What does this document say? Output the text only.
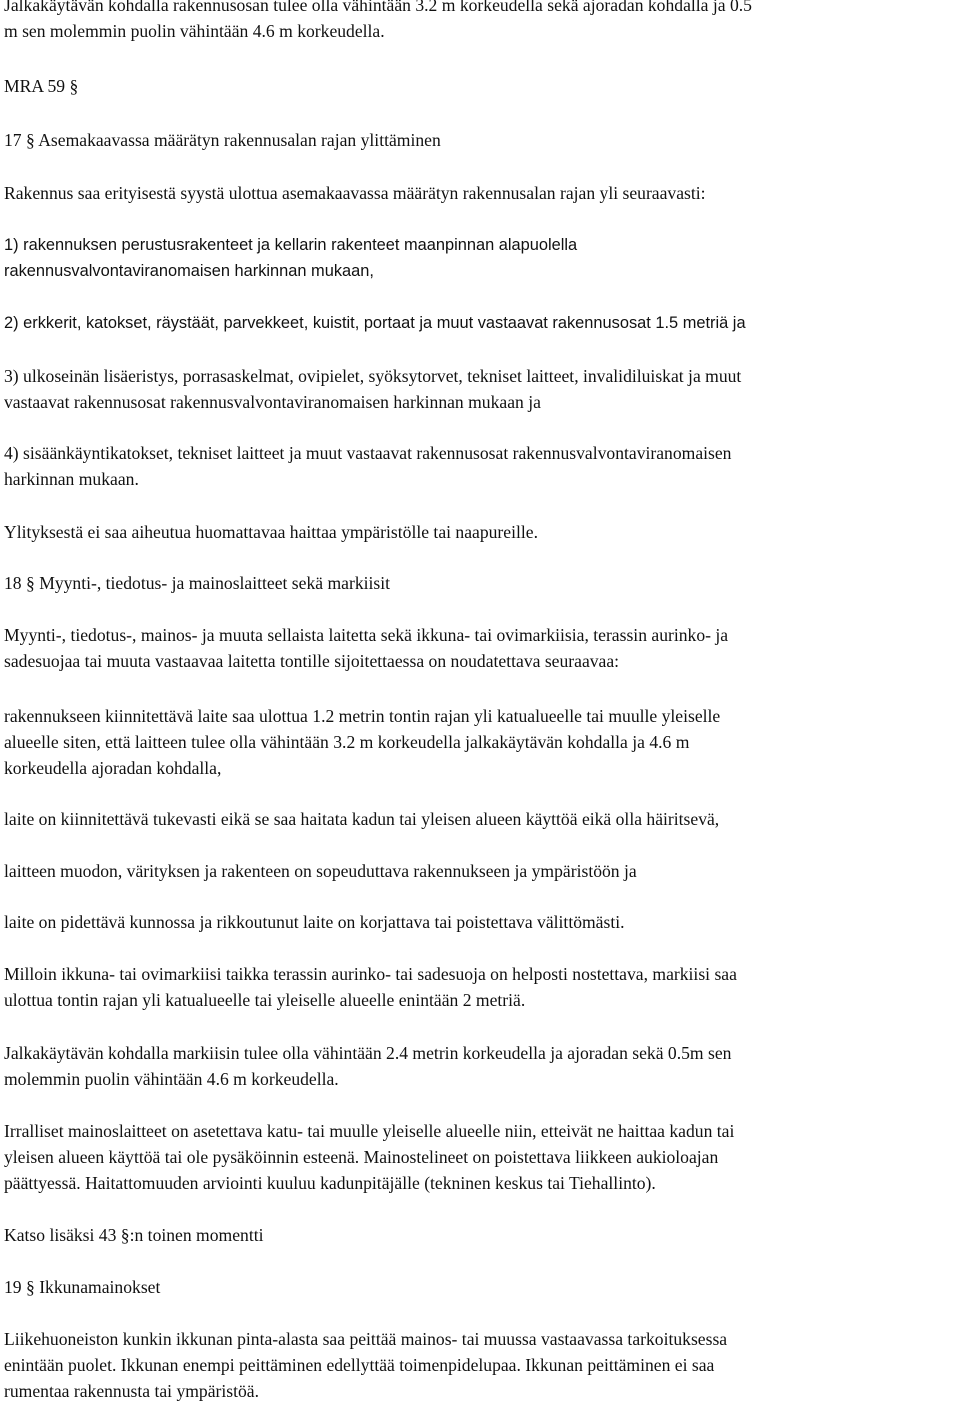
Jalkakäytävän kohdalla rakennusosan tulee olla vähintään 3.2 m korkeudella sekä ajoradan kohdalla ja 0.5
m sen molemmin puolin vähintään 4.6 m korkeudella.

MRA 59 §

17 § Asemakaavassa määrätyn rakennusalan rajan ylittäminen

Rakennus saa erityisestä syystä ulottua asemakaavassa määrätyn rakennusalan rajan yli seuraavasti:

1) rakennuksen perustusrakenteet ja kellarin rakenteet maanpinnan alapuolella
rakennusvalvontaviranomaisen harkinnan mukaan,

2) erkkerit, katokset, räystäät, parvekkeet, kuistit, portaat ja muut vastaavat rakennusosat 1.5 metriä ja

3) ulkoseinän lisäeristys, porrasaskelmat, ovipielet, syöksytorvet, tekniset laitteet, invalidiluiskat ja muut
vastaavat rakennusosat rakennusvalvontaviranomaisen harkinnan mukaan ja

4) sisäänkäyntikatokset, tekniset laitteet ja muut vastaavat rakennusosat rakennusvalvontaviranomaisen
harkinnan mukaan.

Ylityksestä ei saa aiheutua huomattavaa haittaa ympäristölle tai naapureille.

18 § Myynti-, tiedotus- ja mainoslaitteet sekä markiisit

Myynti-, tiedotus-, mainos- ja muuta sellaista laitetta sekä ikkuna- tai ovimarkiisia, terassin aurinko- ja
sadesuojaa tai muuta vastaavaa laitetta tontille sijoitettaessa on noudatettava seuraavaa:

rakennukseen kiinnitettävä laite saa ulottua 1.2 metrin tontin rajan yli katualueelle tai muulle yleiselle
alueelle siten, että laitteen tulee olla vähintään 3.2 m korkeudella jalkakäytävän kohdalla ja 4.6 m
korkeudella ajoradan kohdalla,

laite on kiinnitettävä tukevasti eikä se saa haitata kadun tai yleisen alueen käyttöä eikä olla häiritsevä,

laitteen muodon, värityksen ja rakenteen on sopeuduttava rakennukseen ja ympäristöön ja

laite on pidettävä kunnossa ja rikkoutunut laite on korjattava tai poistettava välittömästi.

Milloin ikkuna- tai ovimarkiisi taikka terassin aurinko- tai sadesuoja on helposti nostettava, markiisi saa
ulottua tontin rajan yli katualueelle tai yleiselle alueelle enintään 2 metriä.

Jalkakäytävän kohdalla markiisin tulee olla vähintään 2.4 metrin korkeudella ja ajoradan sekä 0.5m sen
molemmin puolin vähintään 4.6 m korkeudella.

Irralliset mainoslaitteet on asetettava katu- tai muulle yleiselle alueelle niin, etteivät ne haittaa kadun tai
yleisen alueen käyttöä tai ole pysäköinnin esteenä. Mainostelineet on poistettava liikkeen aukioloajan
päättyessä. Haitattomuuden arviointi kuuluu kadunpitäjälle (tekninen keskus tai Tiehallinto).

Katso lisäksi 43 §:n toinen momentti

19 § Ikkunamainokset

Liikehuoneiston kunkin ikkunan pinta-alasta saa peittää mainos- tai muussa vastaavassa tarkoituksessa
enintään puolet. Ikkunan enempi peittäminen edellyttää toimenpidelupaa. Ikkunan peittäminen ei saa
rumentaa rakennusta tai ympäristöä.
